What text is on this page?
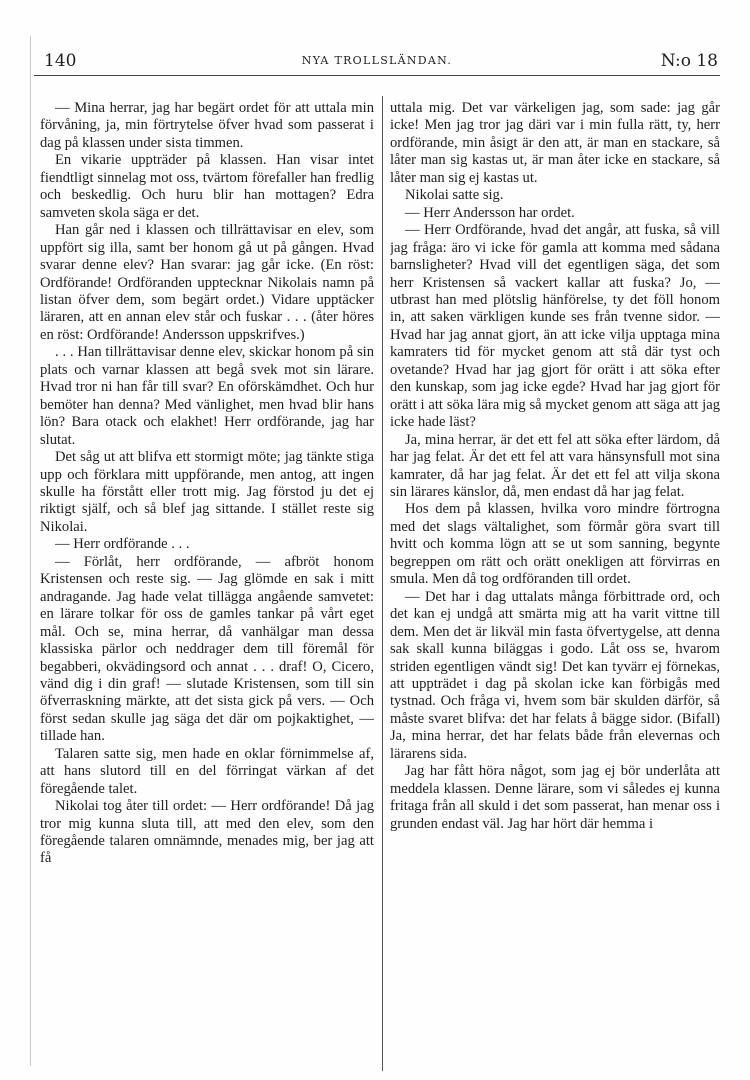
140	NYA TROLLSLÄNDAN.	N:o 18

— Mina herrar, jag har begärt ordet för att uttala min förvåning, ja, min förtrytelse öfver hvad som passerat i dag på klassen under sista timmen.

En vikarie uppträder på klassen. Han visar intet fiendtligt sinnelag mot oss, tvärtom förefaller han fredlig och beskedlig. Och huru blir han mottagen? Edra samveten skola säga er det.

Han går ned i klassen och tillrättavisar en elev, som uppfört sig illa, samt ber honom gå ut på gången. Hvad svarar denne elev? Han svarar: jag går icke. (En röst: Ordförande! Ordföranden upptecknar Nikolais namn på listan öfver dem, som begärt ordet.) Vidare upptäcker läraren, att en annan elev står och fuskar . . . (åter höres en röst: Ordförande! Andersson uppskrifves.)

. . . Han tillrättavisar denne elev, skickar honom på sin plats och varnar klassen att begå svek mot sin lärare. Hvad tror ni han får till svar? En oförskämdhet. Och hur bemöter han denna? Med vänlighet, men hvad blir hans lön? Bara otack och elakhet! Herr ordförande, jag har slutat.

Det såg ut att blifva ett stormigt möte; jag tänkte stiga upp och förklara mitt uppförande, men antog, att ingen skulle ha förstått eller trott mig. Jag förstod ju det ej riktigt själf, och så blef jag sittande. I stället reste sig Nikolai.

— Herr ordförande . . .

— Förlåt, herr ordförande, — afbröt honom Kristensen och reste sig. — Jag glömde en sak i mitt andragande. Jag hade velat tillägga angående samvetet: en lärare tolkar för oss de gamles tankar på vårt eget mål. Och se, mina herrar, då vanhälgar man dessa klassiska pärlor och neddrager dem till föremål för begabberi, okvädingsord och annat . . . draf! O, Cicero, vänd dig i din graf! — slutade Kristensen, som till sin öfverraskning märkte, att det sista gick på vers. — Och först sedan skulle jag säga det där om pojkaktighet, — tillade han.

Talaren satte sig, men hade en oklar förnimmelse af, att hans slutord till en del förringat värkan af det föregående talet.

Nikolai tog åter till ordet: — Herr ordförande! Då jag tror mig kunna sluta till, att med den elev, som den föregående talaren omnämnde, menades mig, ber jag att få

uttala mig. Det var värkeligen jag, som sade: jag går icke! Men jag tror jag däri var i min fulla rätt, ty, herr ordförande, min åsigt är den att, är man en stackare, så låter man sig kastas ut, är man åter icke en stackare, så låter man sig ej kastas ut.

Nikolai satte sig.

— Herr Andersson har ordet.

— Herr Ordförande, hvad det angår, att fuska, så vill jag fråga: äro vi icke för gamla att komma med sådana barnsligheter? Hvad vill det egentligen säga, det som herr Kristensen så vackert kallar att fuska? Jo, — utbrast han med plötslig hänförelse, ty det föll honom in, att saken värkligen kunde ses från tvenne sidor. — Hvad har jag annat gjort, än att icke vilja upptaga mina kamraters tid för mycket genom att stå där tyst och ovetande? Hvad har jag gjort för orätt i att söka efter den kunskap, som jag icke egde? Hvad har jag gjort för orätt i att söka lära mig så mycket genom att säga att jag icke hade läst?

Ja, mina herrar, är det ett fel att söka efter lärdom, då har jag felat. Är det ett fel att vara hänsynsfull mot sina kamrater, då har jag felat. Är det ett fel att vilja skona sin lärares känslor, då, men endast då har jag felat.

Hos dem på klassen, hvilka voro mindre förtrogna med det slags vältalighet, som förmår göra svart till hvitt och komma lögn att se ut som sanning, begynte begreppen om rätt och orätt onekligen att förvirras en smula. Men då tog ordföranden till ordet.

— Det har i dag uttalats många förbittrade ord, och det kan ej undgå att smärta mig att ha varit vittne till dem. Men det är likväl min fasta öfvertygelse, att denna sak skall kunna biläggas i godo. Låt oss se, hvarom striden egentligen vändt sig! Det kan tyvärr ej förnekas, att uppträdet i dag på skolan icke kan förbigås med tystnad. Och fråga vi, hvem som bär skulden därför, så måste svaret blifva: det har felats å bägge sidor. (Bifall) Ja, mina herrar, det har felats både från elevernas och lärarens sida.

Jag har fått höra något, som jag ej bör underlåta att meddela klassen. Denne lärare, som vi således ej kunna fritaga från all skuld i det som passerat, han menar oss i grunden endast väl. Jag har hört där hemma i
